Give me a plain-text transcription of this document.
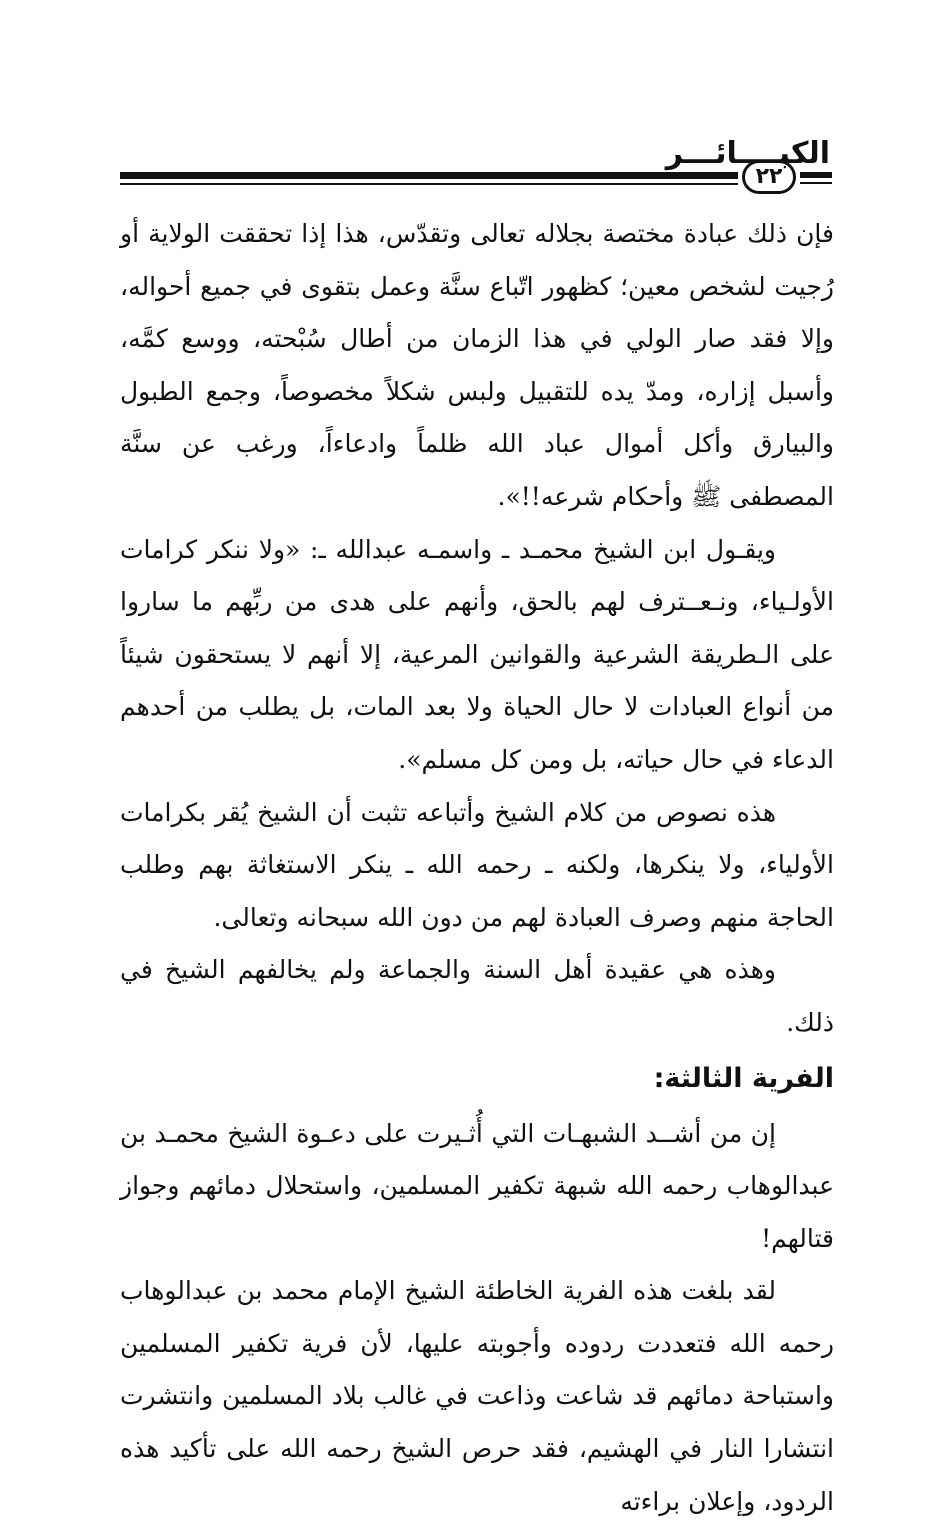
الكبــــائـــر
٢٢

فإن ذلك عبادة مختصة بجلاله تعالى وتقدّس، هذا إذا تحققت الولاية أو رُجيت لشخص معين؛ كظهور اتّباع سنَّة وعمل بتقوى في جميع أحواله، وإلا فقد صار الولي في هذا الزمان من أطال سُبْحته، ووسع كمَّه، وأسبل إزاره، ومدّ يده للتقبيل ولبس شكلاً مخصوصاً، وجمع الطبول والبيارق وأكل أموال عباد الله ظلماً وادعاءاً، ورغب عن سنَّة المصطفى ﷺ وأحكام شرعه!!».

ويقـول ابن الشيخ محمـد ـ واسمـه عبدالله ـ: «ولا ننكر كرامات الأولـياء، ونـعــترف لهم بالحق، وأنهم على هدى من ربِّهم ما ساروا على الـطريقة الشرعية والقوانين المرعية، إلا أنهم لا يستحقون شيئاً من أنواع العبادات لا حال الحياة ولا بعد المات، بل يطلب من أحدهم الدعاء في حال حياته، بل ومن كل مسلم».

هذه نصوص من كلام الشيخ وأتباعه تثبت أن الشيخ يُقر بكرامات الأولياء، ولا ينكرها، ولكنه ـ رحمه الله ـ ينكر الاستغاثة بهم وطلب الحاجة منهم وصرف العبادة لهم من دون الله سبحانه وتعالى.

وهذه هي عقيدة أهل السنة والجماعة ولم يخالفهم الشيخ في ذلك.

الفرية الثالثة:

إن من أشــد الشبهـات التي أُثـيرت على دعـوة الشيخ محمـد بن عبدالوهاب رحمه الله شبهة تكفير المسلمين، واستحلال دمائهم وجواز قتالهم!

لقد بلغت هذه الفرية الخاطئة الشيخ الإمام محمد بن عبدالوهاب رحمه الله فتعددت ردوده وأجوبته عليها، لأن فرية تكفير المسلمين واستباحة دمائهم قد شاعت وذاعت في غالب بلاد المسلمين وانتشرت انتشارا النار في الهشيم، فقد حرص الشيخ رحمه الله على تأكيد هذه الردود، وإعلان براءته
